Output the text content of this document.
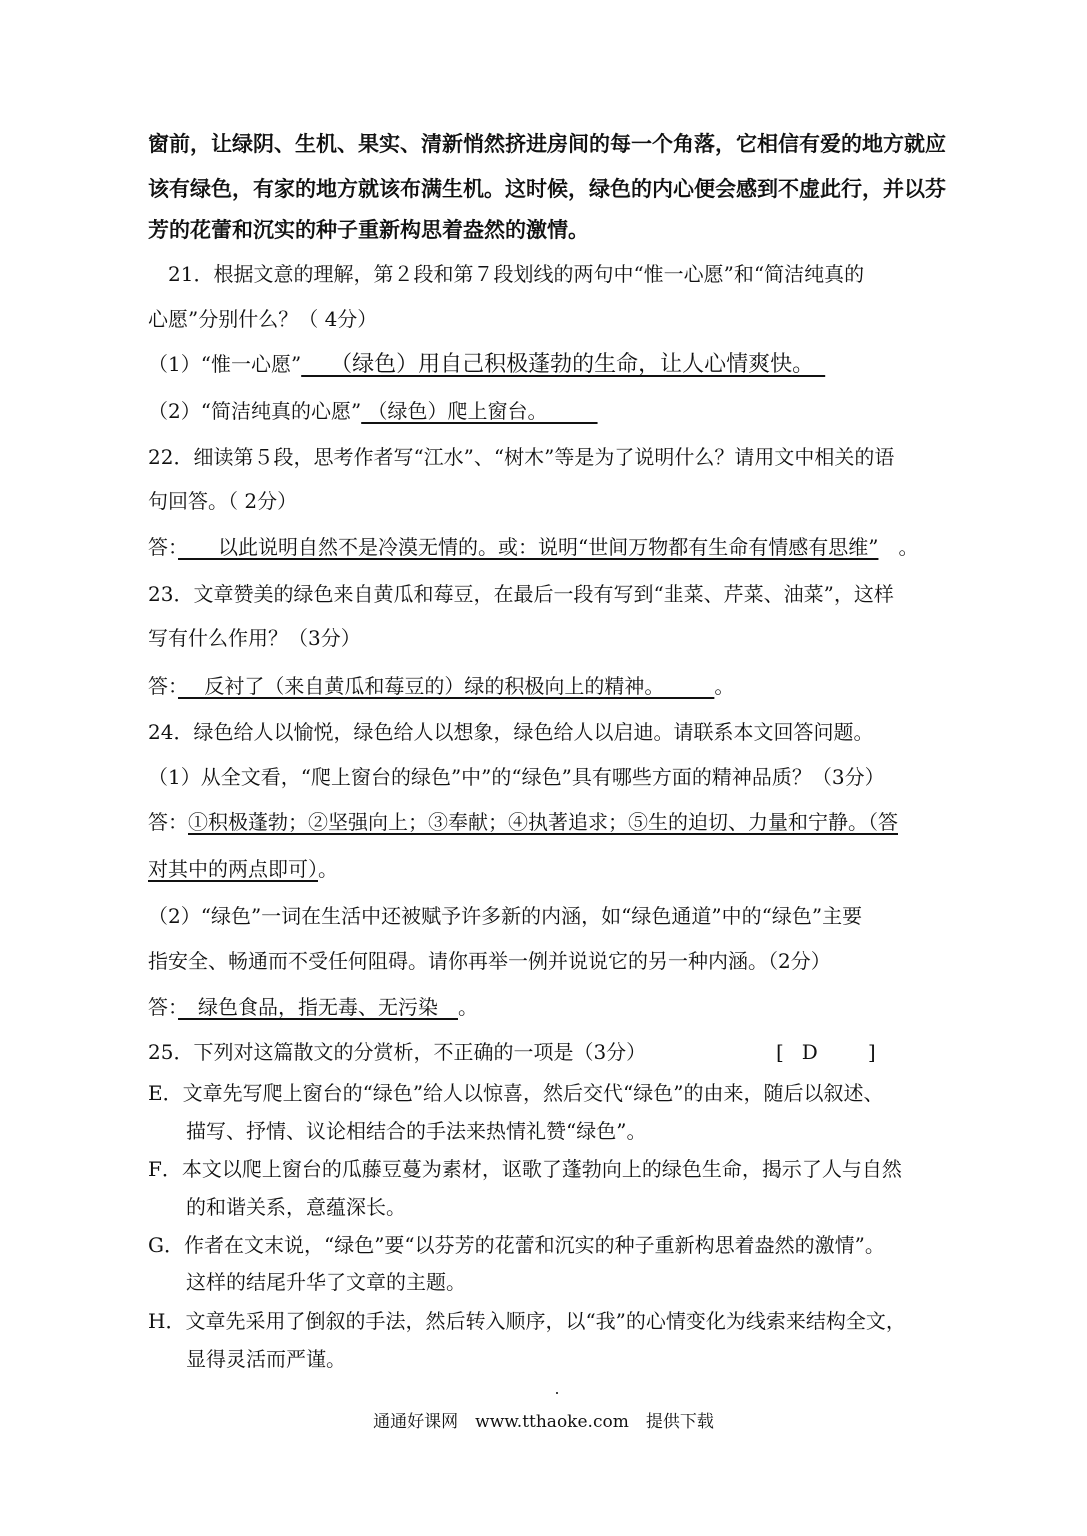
窗前，让绿阴、生机、果实、清新悄然挤进房间的每一个角落，它相信有爱的地方就应
该有绿色，有家的地方就该布满生机。这时候，绿色的内心便会感到不虚此行，并以芬
芳的花蕾和沉实的种子重新构思着盎然的激情。
21．根据文意的理解，第２段和第７段划线的两句中“惟一心愿”和“简洁纯真的
心愿”分别什么？（ 4分）
（1）“惟一心愿”　 （绿色）用自己积极蓬勃的生命，让人心情爽快。　
（2）“简洁纯真的心愿” （绿色）爬上窗台。　　　
22．细读第５段，思考作者写“江水”、“树木”等是为了说明什么？请用文中相关的语
句回答。（ 2分）
答：　　以此说明自然不是冷漠无情的。或：说明“世间万物都有生命有情感有思维”　。
23．文章赞美的绿色来自黄瓜和莓豆，在最后一段有写到“韭菜、芹菜、油菜”，这样
写有什么作用？（3分）
答：　 反衬了（来自黄瓜和莓豆的）绿的积极向上的精神。　　　。
24．绿色给人以愉悦，绿色给人以想象，绿色给人以启迪。请联系本文回答问题。
（1）从全文看，“爬上窗台的绿色”中”的“绿色”具有哪些方面的精神品质？（3分）
答：①积极蓬勃；②坚强向上；③奉献；④执著追求；⑤生的迫切、力量和宁静。（答
对其中的两点即可）。
（2）“绿色”一词在生活中还被赋予许多新的内涵，如“绿色通道”中的“绿色”主要
指安全、畅通而不受任何阻碍。请你再举一例并说说它的另一种内涵。（2分）
答：　绿色食品，指无毒、无污染　。
25．下列对这篇散文的分赏析，不正确的一项是（3分）	[ D ]
E．文章先写爬上窗台的“绿色”给人以惊喜，然后交代“绿色”的由来，随后以叙述、
描写、抒情、议论相结合的手法来热情礼赞“绿色”。
F．本文以爬上窗台的瓜藤豆蔓为素材，讴歌了蓬勃向上的绿色生命，揭示了人与自然
的和谐关系，意蕴深长。
G．作者在文末说，“绿色”要“以芬芳的花蕾和沉实的种子重新构思着盎然的激情”。
这样的结尾升华了文章的主题。
H．文章先采用了倒叙的手法，然后转入顺序，以“我”的心情变化为线索来结构全文，
显得灵活而严谨。
通通好课网　www.tthaoke.com　提供下载
